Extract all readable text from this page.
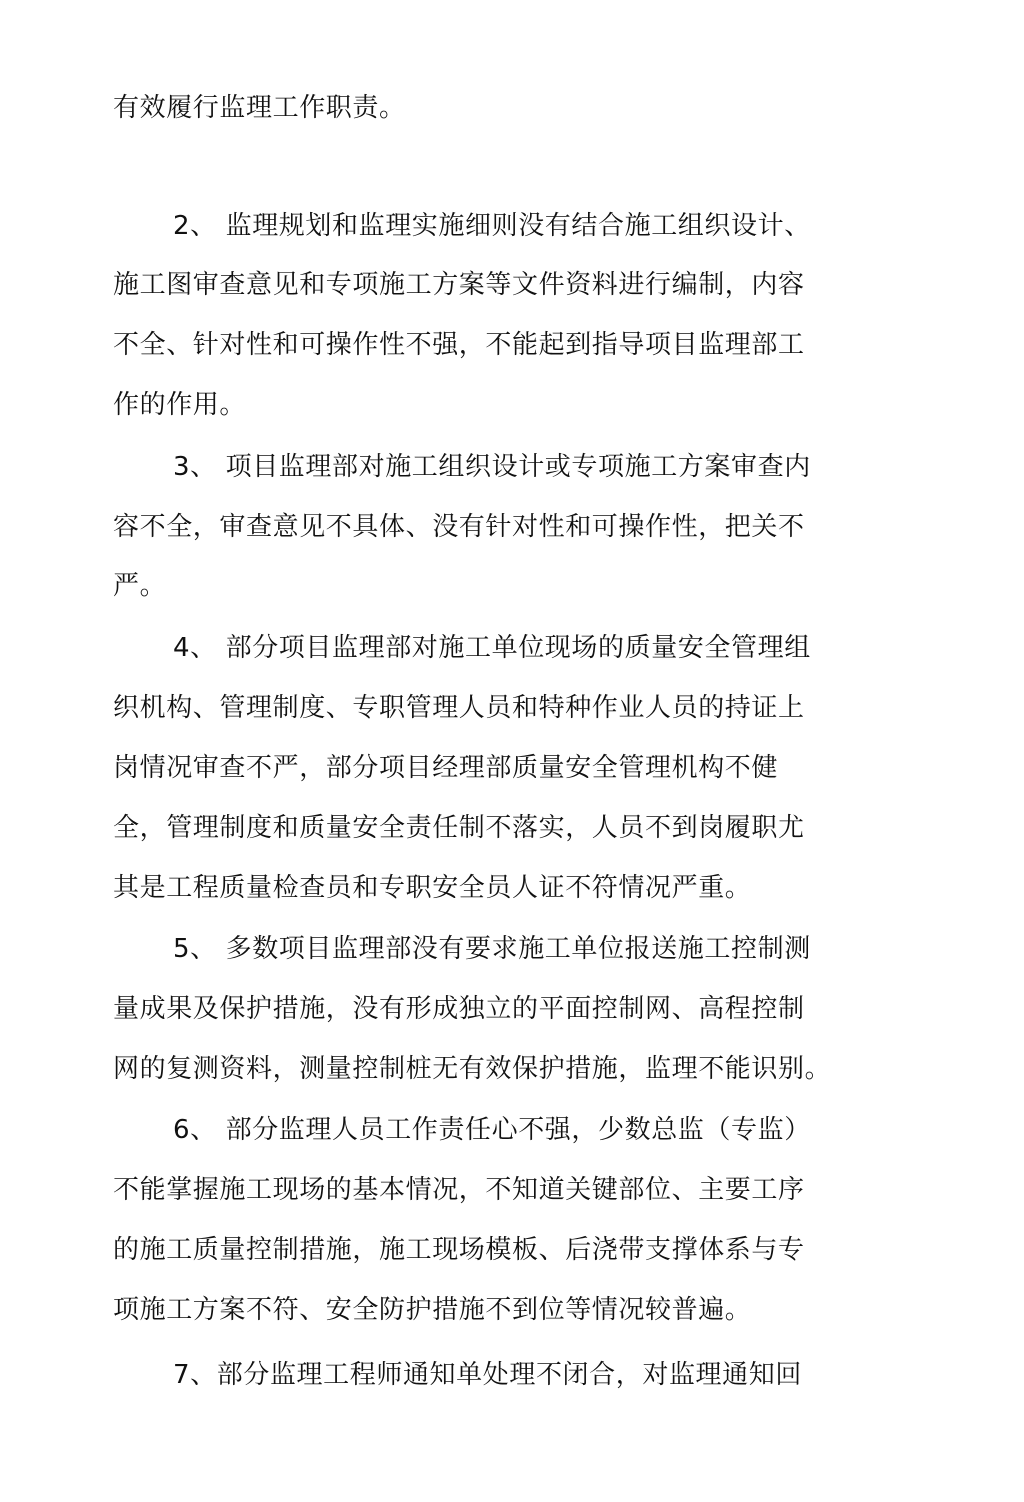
有效履行监理工作职责。

2、 监理规划和监理实施细则没有结合施工组织设计、

施工图审查意见和专项施工方案等文件资料进行编制，内容

不全、针对性和可操作性不强，不能起到指导项目监理部工

作的作用。

3、 项目监理部对施工组织设计或专项施工方案审查内

容不全，审查意见不具体、没有针对性和可操作性，把关不

严。

4、 部分项目监理部对施工单位现场的质量安全管理组

织机构、管理制度、专职管理人员和特种作业人员的持证上

岗情况审查不严，部分项目经理部质量安全管理机构不健

全，管理制度和质量安全责任制不落实，人员不到岗履职尤

其是工程质量检查员和专职安全员人证不符情况严重。

5、 多数项目监理部没有要求施工单位报送施工控制测

量成果及保护措施，没有形成独立的平面控制网、高程控制

网的复测资料，测量控制桩无有效保护措施，监理不能识别。

6、 部分监理人员工作责任心不强，少数总监（专监）

不能掌握施工现场的基本情况，不知道关键部位、主要工序

的施工质量控制措施，施工现场模板、后浇带支撑体系与专

项施工方案不符、安全防护措施不到位等情况较普遍。

7、部分监理工程师通知单处理不闭合，对监理通知回
